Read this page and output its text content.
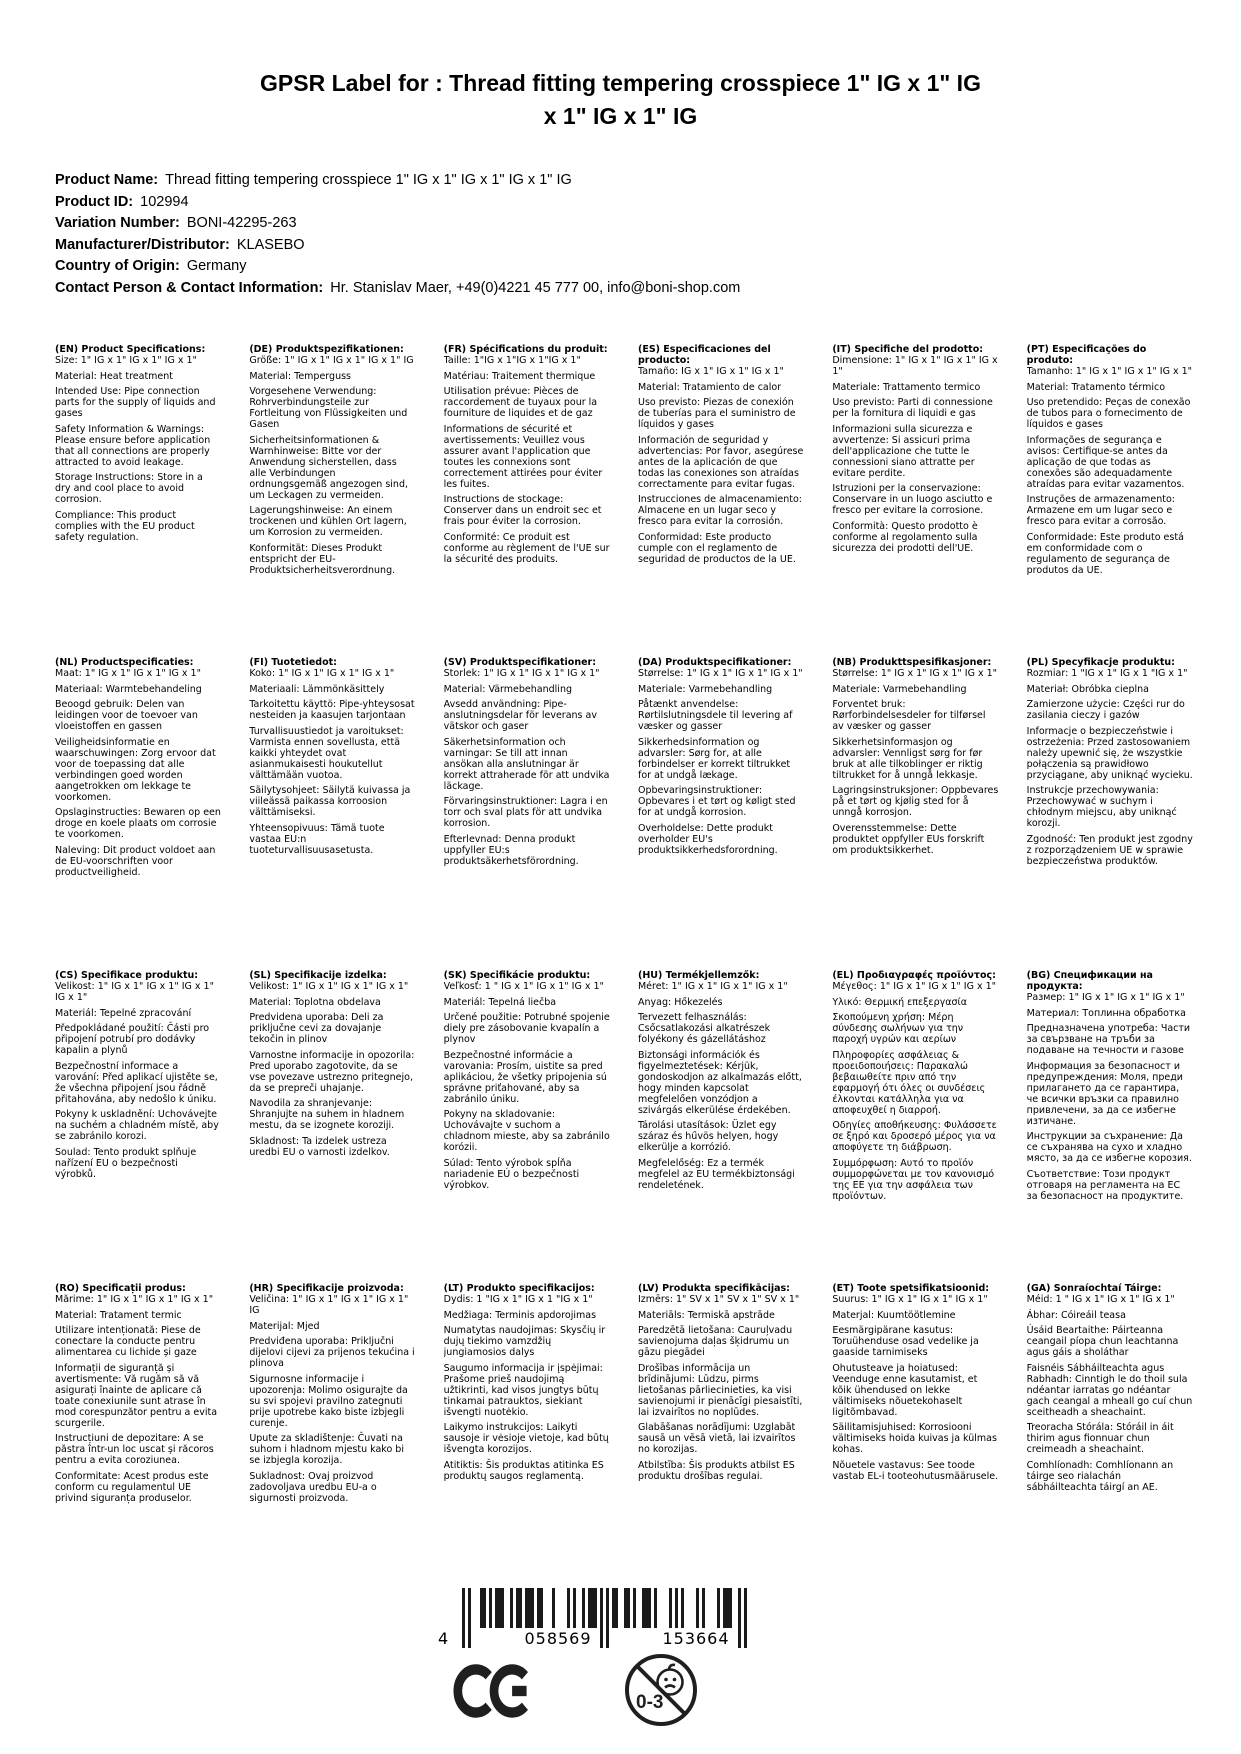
GPSR Label for : Thread fitting tempering crosspiece 1" IG x 1" IG x 1" IG x 1" IG
Product Name: Thread fitting tempering crosspiece 1" IG x 1" IG x 1" IG x 1" IG
Product ID: 102994
Variation Number: BONI-42295-263
Manufacturer/Distributor: KLASEBO
Country of Origin: Germany
Contact Person & Contact Information: Hr. Stanislav Maer, +49(0)4221 45 777 00, info@boni-shop.com
(EN) Product Specifications:

Size: 1" IG x 1" IG x 1" IG x 1"

Material: Heat treatment

Intended Use: Pipe connection parts for the supply of liquids and gases

Safety Information & Warnings: Please ensure before application that all connections are properly attracted to avoid leakage.

Storage Instructions: Store in a dry and cool place to avoid corrosion.

Compliance: This product complies with the EU product safety regulation.

(DE) Produktspezifikationen:

Größe: 1" IG x 1" IG x 1" IG x 1" IG

Material: Temperguss

Vorgesehene Verwendung: Rohrverbindungsteile zur Fortleitung von Flüssigkeiten und Gasen

Sicherheitsinformationen & Warnhinweise: Bitte vor der Anwendung sicherstellen, dass alle Verbindungen ordnungsgemäß angezogen sind, um Leckagen zu vermeiden.

Lagerungshinweise: An einem trockenen und kühlen Ort lagern, um Korrosion zu vermeiden.

Konformität: Dieses Produkt entspricht der EU-Produktsicherheitsverordnung.

(FR) Spécifications du produit:

Taille: 1"IG x 1"IG x 1"IG x 1"

Matériau: Traitement thermique

Utilisation prévue: Pièces de raccordement de tuyaux pour la fourniture de liquides et de gaz

Informations de sécurité et avertissements: Veuillez vous assurer avant l'application que toutes les connexions sont correctement attirées pour éviter les fuites.

Instructions de stockage: Conserver dans un endroit sec et frais pour éviter la corrosion.

Conformité: Ce produit est conforme au règlement de l'UE sur la sécurité des produits.

(ES) Especificaciones del producto:

Tamaño: IG x 1" IG x 1" IG x 1"

Material: Tratamiento de calor

Uso previsto: Piezas de conexión de tuberías para el suministro de líquidos y gases

Información de seguridad y advertencias: Por favor, asegúrese antes de la aplicación de que todas las conexiones son atraídas correctamente para evitar fugas.

Instrucciones de almacenamiento: Almacene en un lugar seco y fresco para evitar la corrosión.

Conformidad: Este producto cumple con el reglamento de seguridad de productos de la UE.

(IT) Specifiche del prodotto:

Dimensione: 1" IG x 1" IG x 1" IG x 1"

Materiale: Trattamento termico

Uso previsto: Parti di connessione per la fornitura di liquidi e gas

Informazioni sulla sicurezza e avvertenze: Si assicuri prima dell'applicazione che tutte le connessioni siano attratte per evitare perdite.

Istruzioni per la conservazione: Conservare in un luogo asciutto e fresco per evitare la corrosione.

Conformità: Questo prodotto è conforme al regolamento sulla sicurezza dei prodotti dell'UE.

(PT) Especificações do produto:

Tamanho: 1" IG x 1" IG x 1" IG x 1"

Material: Tratamento térmico

Uso pretendido: Peças de conexão de tubos para o fornecimento de líquidos e gases

Informações de segurança e avisos: Certifique-se antes da aplicação de que todas as conexões são adequadamente atraídas para evitar vazamentos.

Instruções de armazenamento: Armazene em um lugar seco e fresco para evitar a corrosão.

Conformidade: Este produto está em conformidade com o regulamento de segurança de produtos da UE.

(NL) Productspecificaties:

Maat: 1" IG x 1" IG x 1" IG x 1"

Materiaal: Warmtebehandeling

Beoogd gebruik: Delen van leidingen voor de toevoer van vloeistoffen en gassen

Veiligheidsinformatie en waarschuwingen: Zorg ervoor dat voor de toepassing dat alle verbindingen goed worden aangetrokken om lekkage te voorkomen.

Opslaginstructies: Bewaren op een droge en koele plaats om corrosie te voorkomen.

Naleving: Dit product voldoet aan de EU-voorschriften voor productveiligheid.

(FI) Tuotetiedot:

Koko: 1" IG x 1" IG x 1" IG x 1"

Materiaali: Lämmönkäsittely

Tarkoitettu käyttö: Pipe-yhteysosat nesteiden ja kaasujen tarjontaan

Turvallisuustiedot ja varoitukset: Varmista ennen sovellusta, että kaikki yhteydet ovat asianmukaisesti houkutellut välttämään vuotoa.

Säilytysohjeet: Säilytä kuivassa ja viileässä paikassa korroosion välttämiseksi.

Yhteensopivuus: Tämä tuote vastaa EU:n tuoteturvallisuusasetusta.

(SV) Produktspecifikationer:

Storlek: 1" IG x 1" IG x 1" IG x 1"

Material: Värmebehandling

Avsedd användning: Pipe-anslutningsdelar för leverans av vätskor och gaser

Säkerhetsinformation och varningar: Se till att innan ansökan alla anslutningar är korrekt attraherade för att undvika läckage.

Förvaringsinstruktioner: Lagra i en torr och sval plats för att undvika korrosion.

Efterlevnad: Denna produkt uppfyller EU:s produktsäkerhetsförordning.

(DA) Produktspecifikationer:

Størrelse: 1" IG x 1" IG x 1" IG x 1"

Materiale: Varmebehandling

Påtænkt anvendelse: Rørtilslutningsdele til levering af væsker og gasser

Sikkerhedsinformation og advarsler: Sørg for, at alle forbindelser er korrekt tiltrukket for at undgå lækage.

Opbevaringsinstruktioner: Opbevares i et tørt og køligt sted for at undgå korrosion.

Overholdelse: Dette produkt overholder EU's produktsikkerhedsforordning.

(NB) Produkttspesifikasjoner:

Størrelse: 1" IG x 1" IG x 1" IG x 1"

Materiale: Varmebehandling

Forventet bruk: Rørforbindelsesdeler for tilførsel av væsker og gasser

Sikkerhetsinformasjon og advarsler: Vennligst sørg for før bruk at alle tilkoblinger er riktig tiltrukket for å unngå lekkasje.

Lagringsinstruksjoner: Oppbevares på et tørt og kjølig sted for å unngå korrosjon.

Overensstemmelse: Dette produktet oppfyller EUs forskrift om produktsikkerhet.

(PL) Specyfikacje produktu:

Rozmiar: 1 "IG x 1" IG x 1 "IG x 1"

Materiał: Obróbka cieplna

Zamierzone użycie: Części rur do zasilania cieczy i gazów

Informacje o bezpieczeństwie i ostrzeżenia: Przed zastosowaniem należy upewnić się, że wszystkie połączenia są prawidłowo przyciągane, aby uniknąć wycieku.

Instrukcje przechowywania: Przechowywać w suchym i chłodnym miejscu, aby uniknąć korozji.

Zgodność: Ten produkt jest zgodny z rozporządzeniem UE w sprawie bezpieczeństwa produktów.

(CS) Specifikace produktu:

Velikost: 1" IG x 1" IG x 1" IG x 1" IG x 1"

Materiál: Tepelné zpracování

Předpokládané použití: Části pro připojení potrubí pro dodávky kapalin a plynů

Bezpečnostní informace a varování: Před aplikací ujistěte se, že všechna připojení jsou řádně přitahována, aby nedošlo k úniku.

Pokyny k uskladnění: Uchovávejte na suchém a chladném místě, aby se zabránilo korozi.

Soulad: Tento produkt splňuje nařízení EU o bezpečnosti výrobků.

(SL) Specifikacije izdelka:

Velikost: 1" IG x 1" IG x 1" IG x 1"

Material: Toplotna obdelava

Predvidena uporaba: Deli za priključne cevi za dovajanje tekočin in plinov

Varnostne informacije in opozorila: Pred uporabo zagotovite, da se vse povezave ustrezno pritegnejo, da se prepreči uhajanje.

Navodila za shranjevanje: Shranjujte na suhem in hladnem mestu, da se izognete koroziji.

Skladnost: Ta izdelek ustreza uredbi EU o varnosti izdelkov.

(SK) Špecifikácie produktu:

Veľkosť: 1 " IG x 1" IG x 1" IG x 1"

Materiál: Tepelná liečba

Určené použitie: Potrubné spojenie diely pre zásobovanie kvapalín a plynov

Bezpečnostné informácie a varovania: Prosím, uistite sa pred aplikáciou, že všetky pripojenia sú správne priťahované, aby sa zabránilo úniku.

Pokyny na skladovanie: Uchovávajte v suchom a chladnom mieste, aby sa zabránilo korózii.

Súlad: Tento výrobok spĺňa nariadenie EÚ o bezpečnosti výrobkov.

(HU) Termékjellemzők:

Méret: 1" IG x 1" IG x 1" IG x 1"

Anyag: Hőkezelés

Tervezett felhasználás: Csőcsatlakozási alkatrészek folyékony és gázellátáshoz

Biztonsági információk és figyelmeztetések: Kérjük, gondoskodjon az alkalmazás előtt, hogy minden kapcsolat megfelelően vonzódjon a szivárgás elkerülése érdekében.

Tárolási utasítások: Üzlet egy száraz és hűvös helyen, hogy elkerülje a korrózió.

Megfelelőség: Ez a termék megfelel az EU termékbiztonsági rendeletének.

(EL) Προδιαγραφές προϊόντος:

Μέγεθος: 1" IG x 1" IG x 1" IG x 1"

Υλικό: Θερμική επεξεργασία

Σκοπούμενη χρήση: Μέρη σύνδεσης σωλήνων για την παροχή υγρών και αερίων

Πληροφορίες ασφάλειας & προειδοποιήσεις: Παρακαλώ βεβαιωθείτε πριν από την εφαρμογή ότι όλες οι συνδέσεις έλκονται κατάλληλα για να αποφευχθεί η διαρροή.

Οδηγίες αποθήκευσης: Φυλάσσετε σε ξηρό και δροσερό μέρος για να αποφύγετε τη διάβρωση.

Συμμόρφωση: Αυτό το προϊόν συμμορφώνεται με τον κανονισμό της ΕΕ για την ασφάλεια των προϊόντων.

(BG) Спецификации на продукта:

Размер: 1" IG x 1" IG x 1" IG x 1"

Материал: Топлинна обработка

Предназначена употреба: Части за свързване на тръби за подаване на течности и газове

Информация за безопасност и предупреждения: Моля, преди прилагането да се гарантира, че всички връзки са правилно привлечени, за да се избегне изтичане.

Инструкции за съхранение: Да се съхранява на сухо и хладно място, за да се избегне корозия.

Съответствие: Този продукт отговаря на регламента на ЕС за безопасност на продуктите.

(RO) Specificații produs:

Mărime: 1" IG x 1" IG x 1" IG x 1"

Material: Tratament termic

Utilizare intenționată: Piese de conectare la conducte pentru alimentarea cu lichide și gaze

Informații de siguranță și avertismente: Vă rugăm să vă asigurați înainte de aplicare că toate conexiunile sunt atrase în mod corespunzător pentru a evita scurgerile.

Instrucțiuni de depozitare: A se păstra într-un loc uscat și răcoros pentru a evita coroziunea.

Conformitate: Acest produs este conform cu regulamentul UE privind siguranța produselor.

(HR) Specifikacije proizvoda:

Veličina: 1" IG x 1" IG x 1" IG x 1" IG

Materijal: Mjed

Predviđena uporaba: Priključni dijelovi cijevi za prijenos tekućina i plinova

Sigurnosne informacije i upozorenja: Molimo osigurajte da su svi spojevi pravilno zategnuti prije upotrebe kako biste izbjegli curenje.

Upute za skladištenje: Čuvati na suhom i hladnom mjestu kako bi se izbjegla korozija.

Sukladnost: Ovaj proizvod zadovoljava uredbu EU-a o sigurnosti proizvoda.

(LT) Produkto specifikacijos:

Dydis: 1 "IG x 1" IG x 1 "IG x 1"

Medžiaga: Terminis apdorojimas

Numatytas naudojimas: Skysčių ir dujų tiekimo vamzdžių jungiamosios dalys

Saugumo informacija ir įspėjimai: Prašome prieš naudojimą užtikrinti, kad visos jungtys būtų tinkamai patrauktos, siekiant išvengti nuotėkio.

Laikymo instrukcijos: Laikyti sausoje ir vėsioje vietoje, kad būtų išvengta korozijos.

Atitiktis: Šis produktas atitinka ES produktų saugos reglamentą.

(LV) Produkta specifikācijas:

Izmērs: 1" SV x 1" SV x 1" SV x 1"

Materiāls: Termiskā apstrāde

Paredzētā lietošana: Cauruļvadu savienojuma daļas šķidrumu un gāzu piegādei

Drošības informācija un brīdinājumi: Lūdzu, pirms lietošanas pārliecinieties, ka visi savienojumi ir pienācīgi piesaistīti, lai izvairītos no noplūdes.

Glabāšanas norādījumi: Uzglabāt sausā un vēsā vietā, lai izvairītos no korozijas.

Atbilstība: Šis produkts atbilst ES produktu drošības regulai.

(ET) Toote spetsifikatsioonid:

Suurus: 1" IG x 1" IG x 1" IG x 1"

Materjal: Kuumtöötlemine

Eesmärgipärane kasutus: Toruühenduse osad vedelike ja gaaside tarnimiseks

Ohutusteave ja hoiatused: Veenduge enne kasutamist, et kõik ühendused on lekke vältimiseks nõuetekohaselt ligitõmbavad.

Säilitamisjuhised: Korrosiooni vältimiseks hoida kuivas ja külmas kohas.

Nõuetele vastavus: See toode vastab EL-i tooteohutusmäärusele.

(GA) Sonraíochtaí Táirge:

Méid: 1 " IG x 1" IG x 1" IG x 1"

Ábhar: Cóireáil teasa

Úsáid Beartaithe: Páirteanna ceangail píopa chun leachtanna agus gáis a sholáthar

Faisnéis Sábháilteachta agus Rabhadh: Cinntigh le do thoil sula ndéantar iarratas go ndéantar gach ceangal a mheall go cuí chun sceitheadh a sheachaint.

Treoracha Stórála: Stóráil in áit thirim agus fionnuar chun creimeadh a sheachaint.

Comhlíonadh: Comhlíonann an táirge seo rialachán sábháilteachta táirgí an AE.

4	058569	153664
0-3
